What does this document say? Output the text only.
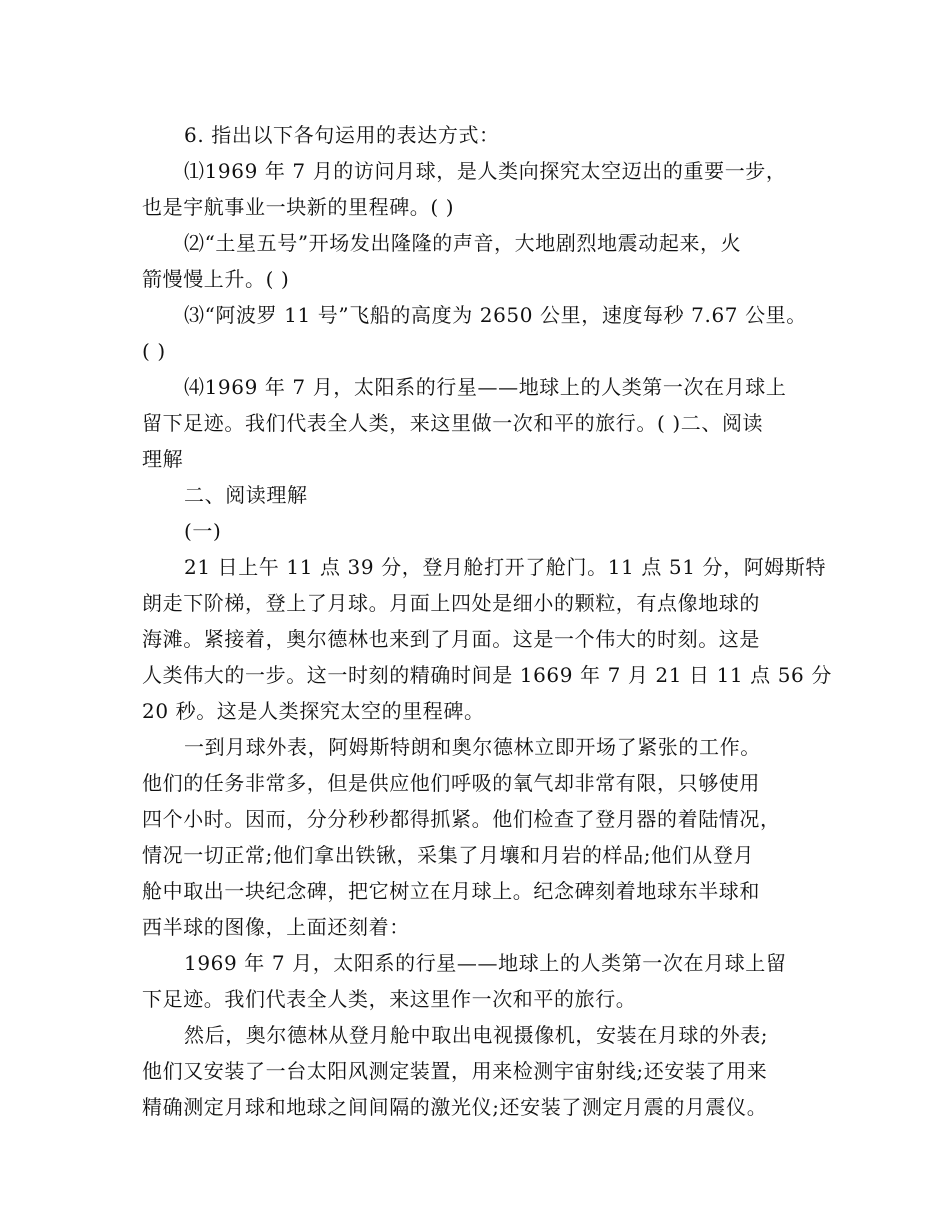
6. 指出以下各句运用的表达方式：
⑴1969 年 7 月的访问月球，是人类向探究太空迈出的重要一步，
也是宇航事业一块新的里程碑。( )
⑵“土星五号”开场发出隆隆的声音，大地剧烈地震动起来，火
箭慢慢上升。( )
⑶“阿波罗 11 号”飞船的高度为 2650 公里，速度每秒 7.67 公里。
( )
⑷1969 年 7 月，太阳系的行星——地球上的人类第一次在月球上
留下足迹。我们代表全人类，来这里做一次和平的旅行。( )二、阅读
理解
二、阅读理解
(一)
21 日上午 11 点 39 分，登月舱打开了舱门。11 点 51 分，阿姆斯特
朗走下阶梯，登上了月球。月面上四处是细小的颗粒，有点像地球的
海滩。紧接着，奥尔德林也来到了月面。这是一个伟大的时刻。这是
人类伟大的一步。这一时刻的精确时间是 1669 年 7 月 21 日 11 点 56 分
20 秒。这是人类探究太空的里程碑。
一到月球外表，阿姆斯特朗和奥尔德林立即开场了紧张的工作。
他们的任务非常多，但是供应他们呼吸的氧气却非常有限，只够使用
四个小时。因而，分分秒秒都得抓紧。他们检查了登月器的着陆情况，
情况一切正常;他们拿出铁锹，采集了月壤和月岩的样品;他们从登月
舱中取出一块纪念碑，把它树立在月球上。纪念碑刻着地球东半球和
西半球的图像，上面还刻着：
1969 年 7 月，太阳系的行星——地球上的人类第一次在月球上留
下足迹。我们代表全人类，来这里作一次和平的旅行。
然后，奥尔德林从登月舱中取出电视摄像机，安装在月球的外表;
他们又安装了一台太阳风测定装置，用来检测宇宙射线;还安装了用来
精确测定月球和地球之间间隔的激光仪;还安装了测定月震的月震仪。
